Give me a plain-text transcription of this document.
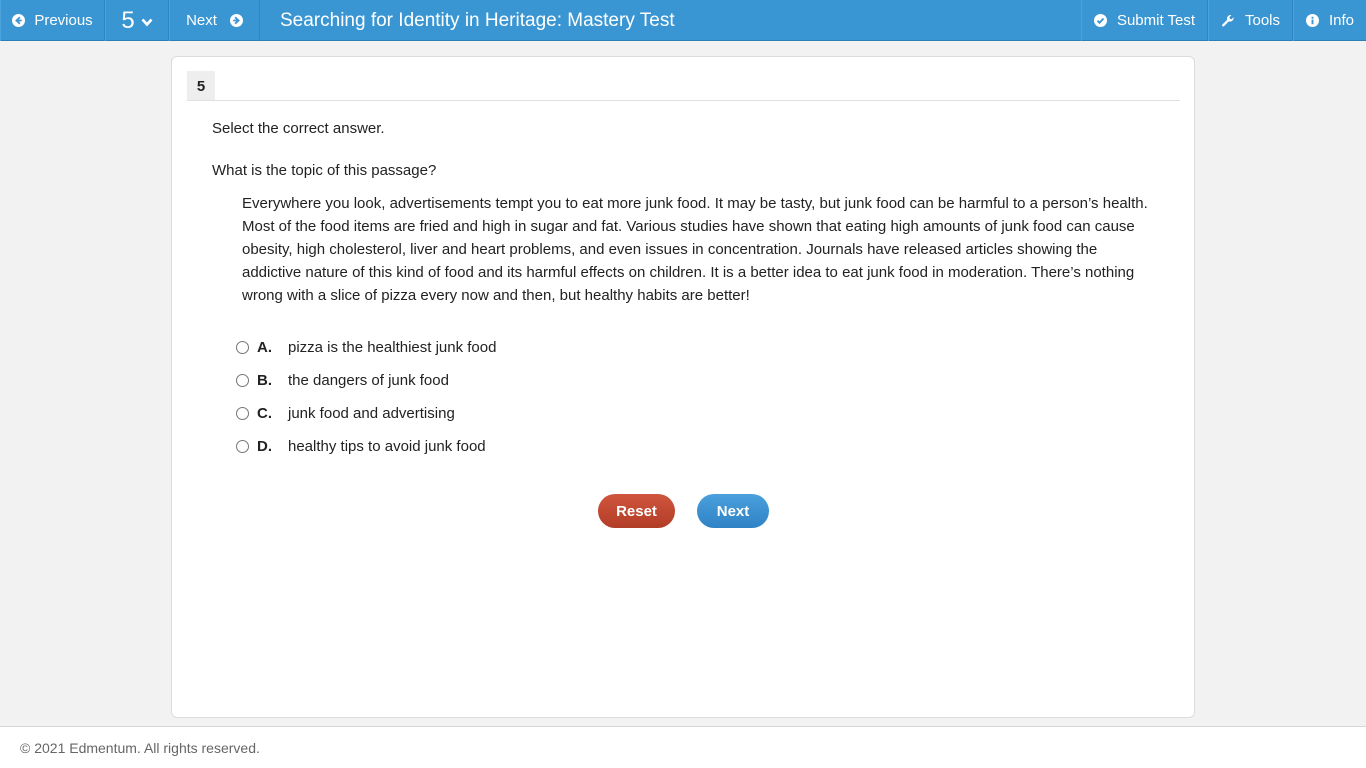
Previous 5	Next	Searching for Identity in Heritage: Mastery Test	Submit Test	Tools	Info
5
Select the correct answer.
What is the topic of this passage?
Everywhere you look, advertisements tempt you to eat more junk food. It may be tasty, but junk food can be harmful to a person’s health. Most of the food items are fried and high in sugar and fat. Various studies have shown that eating high amounts of junk food can cause obesity, high cholesterol, liver and heart problems, and even issues in concentration. Journals have released articles showing the addictive nature of this kind of food and its harmful effects on children. It is a better idea to eat junk food in moderation. There’s nothing wrong with a slice of pizza every now and then, but healthy habits are better!
A.	pizza is the healthiest junk food
B.	the dangers of junk food
C.	junk food and advertising
D.	healthy tips to avoid junk food
Reset	Next
© 2021 Edmentum. All rights reserved.
